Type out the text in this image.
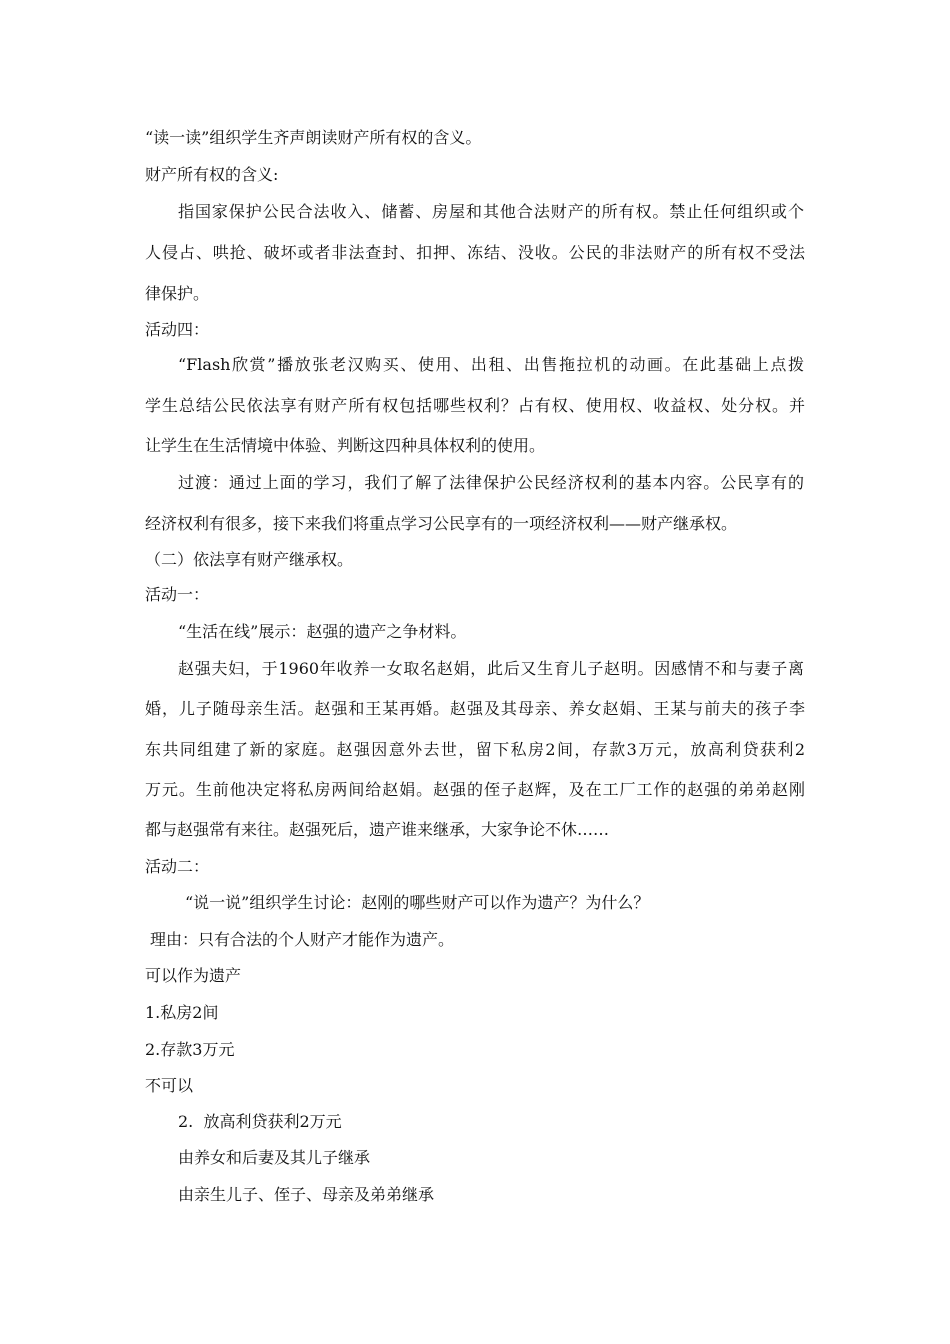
“读一读”组织学生齐声朗读财产所有权的含义。

财产所有权的含义:

指国家保护公民合法收入、储蓄、房屋和其他合法财产的所有权。禁止任何组织或个

人侵占、哄抢、破坏或者非法查封、扣押、冻结、没收。公民的非法财产的所有权不受法

律保护。

活动四：

“Flash欣赏”播放张老汉购买、使用、出租、出售拖拉机的动画。在此基础上点拨

学生总结公民依法享有财产所有权包括哪些权利？占有权、使用权、收益权、处分权。并

让学生在生活情境中体验、判断这四种具体权利的使用。

过渡：通过上面的学习，我们了解了法律保护公民经济权利的基本内容。公民享有的

经济权利有很多，接下来我们将重点学习公民享有的一项经济权利——财产继承权。

（二）依法享有财产继承权。

活动一：

“生活在线”展示：赵强的遗产之争材料。

赵强夫妇，于1960年收养一女取名赵娟，此后又生育儿子赵明。因感情不和与妻子离

婚，儿子随母亲生活。赵强和王某再婚。赵强及其母亲、养女赵娟、王某与前夫的孩子李

东共同组建了新的家庭。赵强因意外去世，留下私房2间，存款3万元，放高利贷获利2

万元。生前他决定将私房两间给赵娟。赵强的侄子赵辉，及在工厂工作的赵强的弟弟赵刚

都与赵强常有来往。赵强死后，遗产谁来继承，大家争论不休……

活动二：

“说一说”组织学生讨论：赵刚的哪些财产可以作为遗产？为什么？

理由：只有合法的个人财产才能作为遗产。

可以作为遗产

1.私房2间

2.存款3万元

不可以

2.  放高利贷获利2万元

由养女和后妻及其儿子继承

由亲生儿子、侄子、母亲及弟弟继承
